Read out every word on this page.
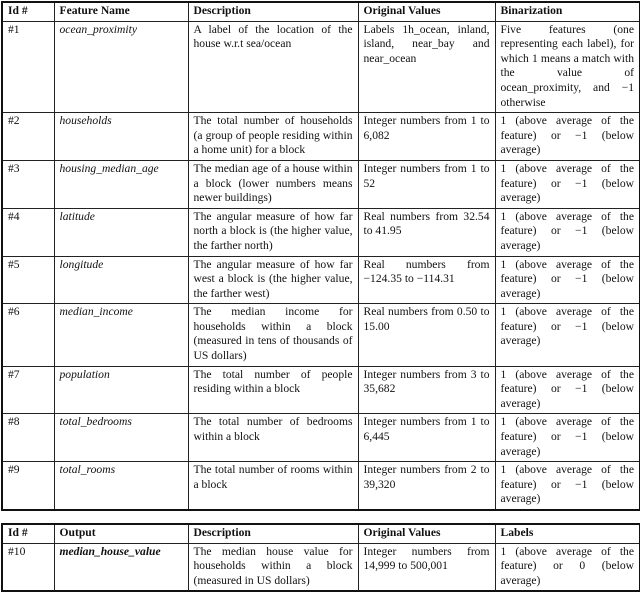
Id #	Feature Name	Description	Original Values	Binarization
#1	ocean_proximity	A label of the location of the house w.r.t sea/ocean	Labels 1h_ocean, inland, island, near_bay and near_ocean	Five features (one representing each label), for which 1 means a match with the value of ocean_proximity, and −1 otherwise
#2	households	The total number of households (a group of people residing within a home unit) for a block	Integer numbers from 1 to 6,082	1 (above average of the feature) or −1 (below average)
#3	housing_median_age	The median age of a house within a block (lower numbers means newer buildings)	Integer numbers from 1 to 52	1 (above average of the feature) or −1 (below average)
#4	latitude	The angular measure of how far north a block is (the higher value, the farther north)	Real numbers from 32.54 to 41.95	1 (above average of the feature) or −1 (below average)
#5	longitude	The angular measure of how far west a block is (the higher value, the farther west)	Real numbers from −124.35 to −114.31	1 (above average of the feature) or −1 (below average)
#6	median_income	The median income for households within a block (measured in tens of thousands of US dollars)	Real numbers from 0.50 to 15.00	1 (above average of the feature) or −1 (below average)
#7	population	The total number of people residing within a block	Integer numbers from 3 to 35,682	1 (above average of the feature) or −1 (below average)
#8	total_bedrooms	The total number of bedrooms within a block	Integer numbers from 1 to 6,445	1 (above average of the feature) or −1 (below average)
#9	total_rooms	The total number of rooms within a block	Integer numbers from 2 to 39,320	1 (above average of the feature) or −1 (below average)
Id #	Output	Description	Original Values	Labels
#10	median_house_value	The median house value for households within a block (measured in US dollars)	Integer numbers from 14,999 to 500,001	1 (above average of the feature) or 0 (below average)
